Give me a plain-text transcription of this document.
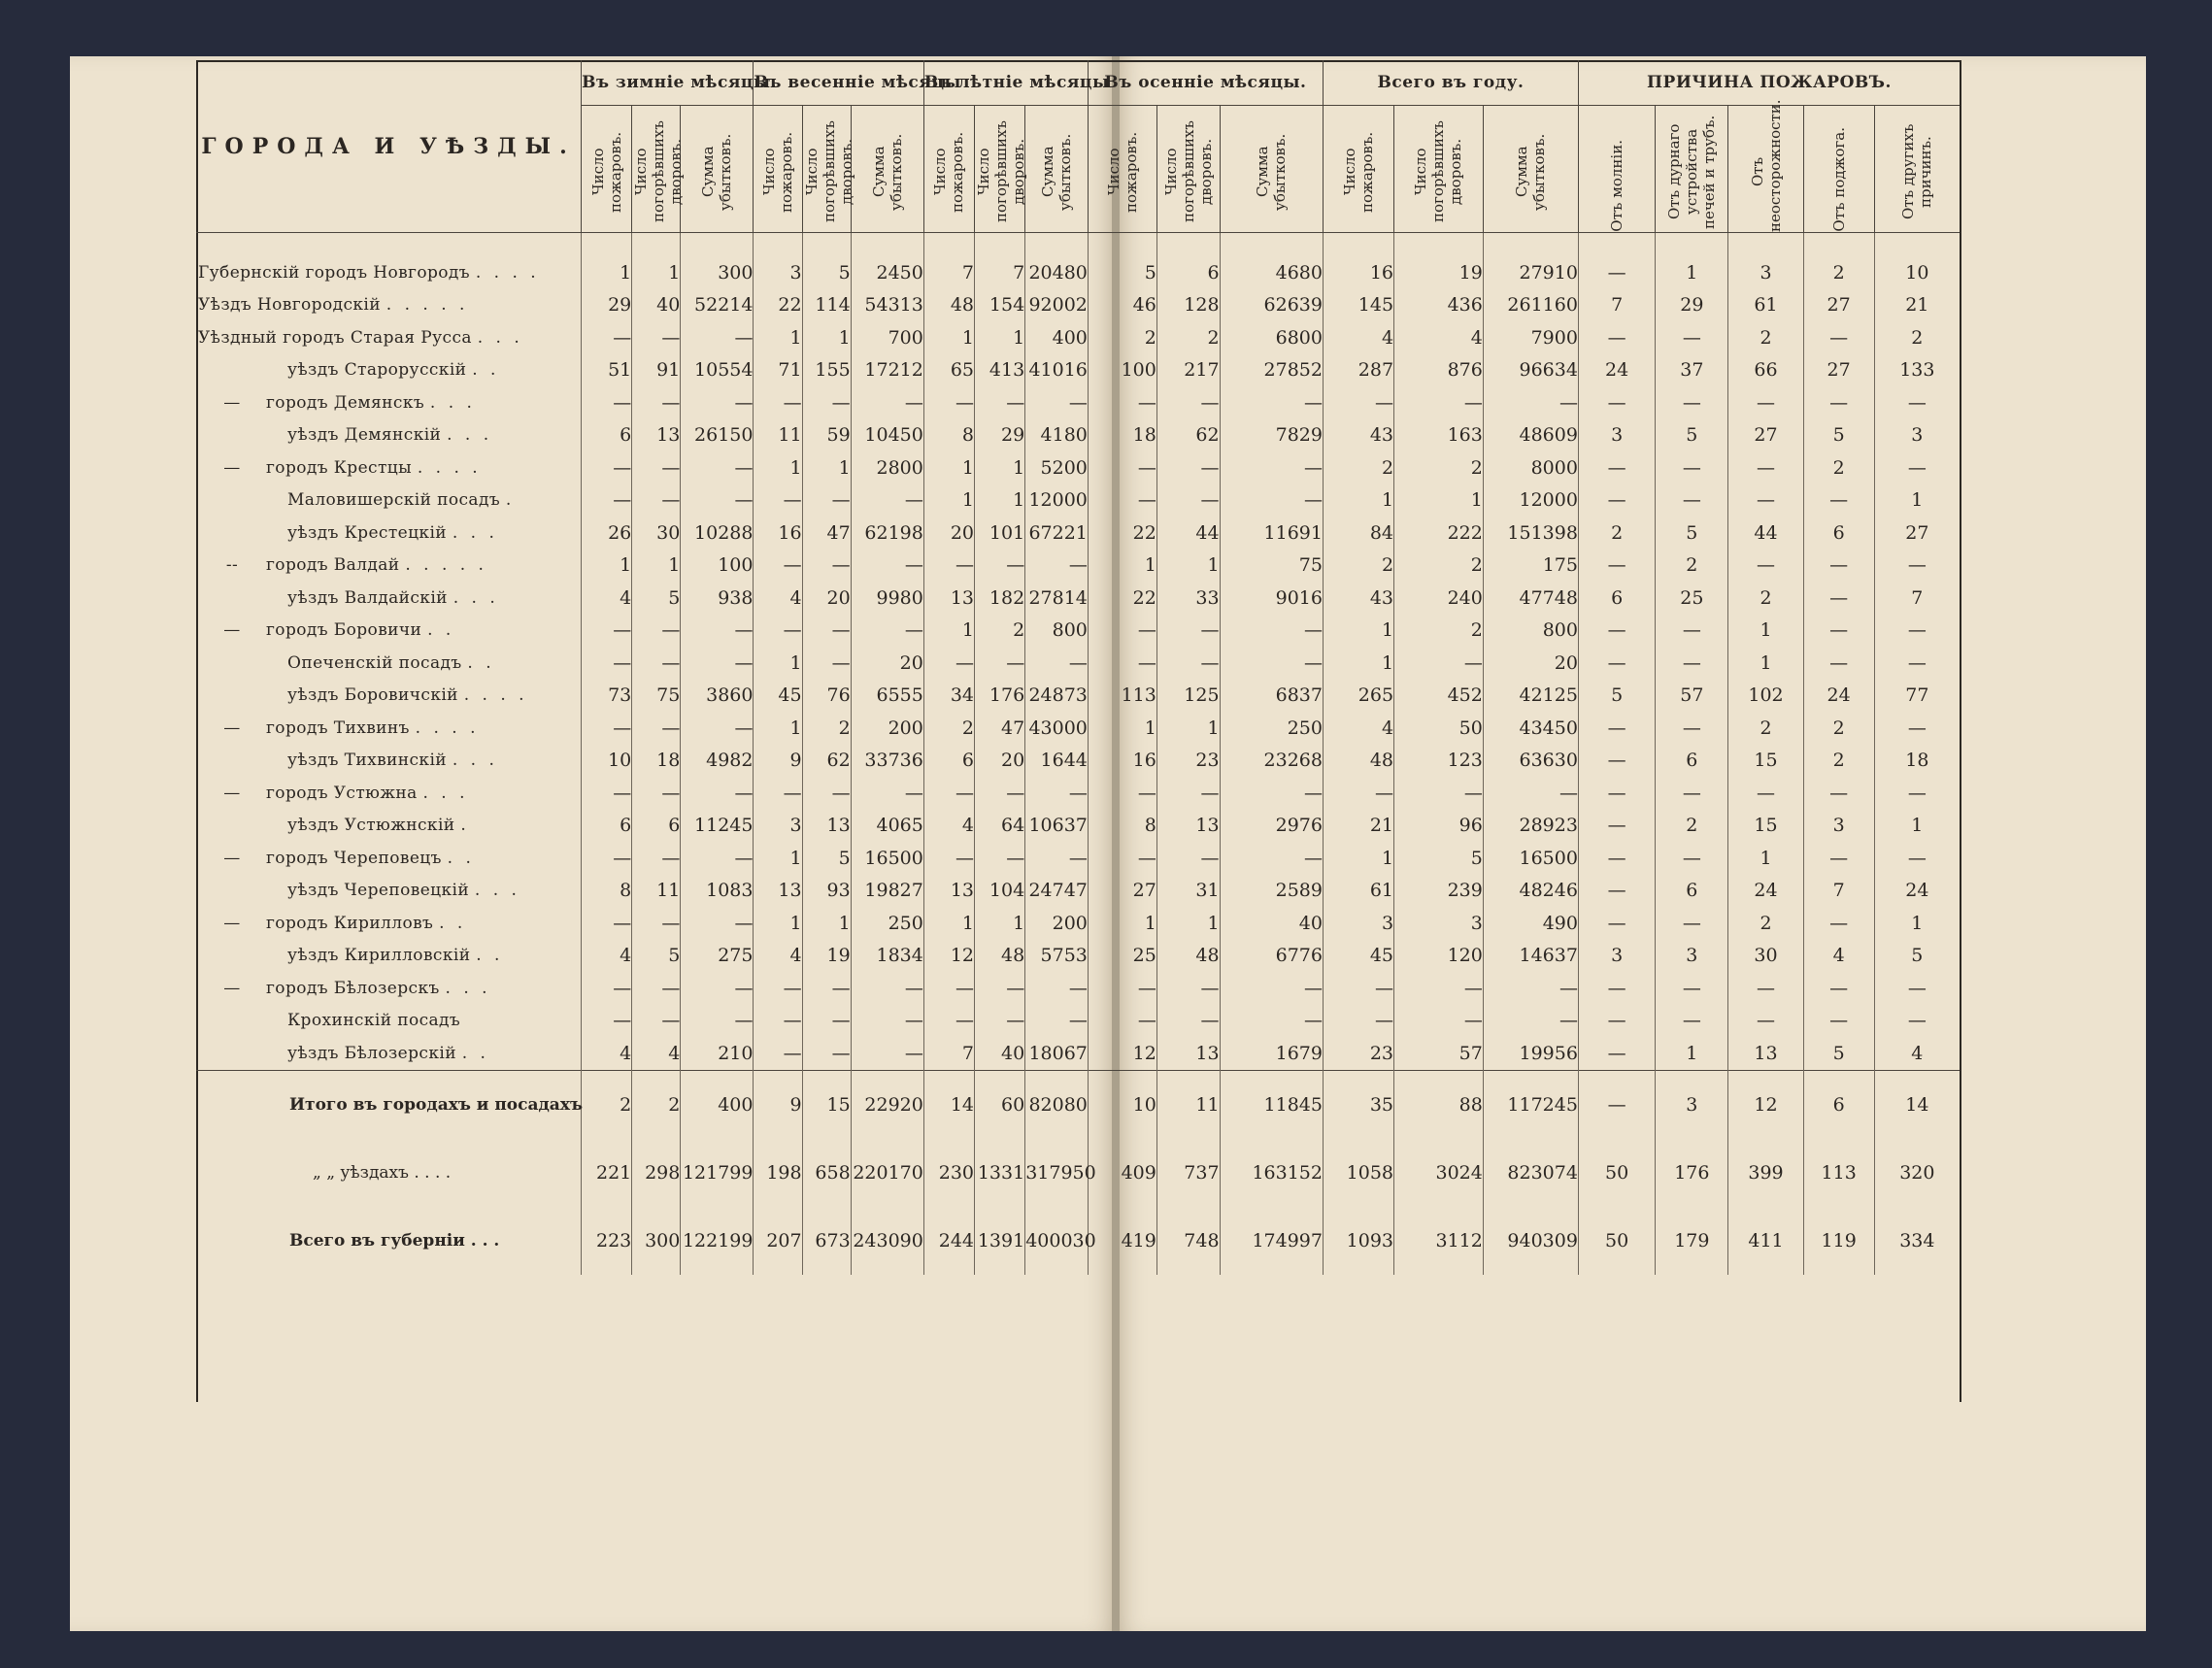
ГОРОДА И УѢЗДЫ.	Въ зимніе мѣсяцы.			Въ весенніе мѣсяцы			Въ лѣтніе мѣсяцы			Въ осенніе мѣсяцы.			Всего въ году.			ПРИЧИНА ПОЖАРОВЪ.				

	Число пожаровъ.	Число погорѣвшихъ дворовъ.	Сумма убытковъ.	Число пожаровъ.	Число погорѣвшихъ дворовъ.	Сумма убытковъ.	Число пожаровъ.	Число погорѣвшихъ дворовъ.	Сумма убытковъ.	Число пожаровъ.	Число погорѣвшихъ дворовъ.	Сумма убытковъ.	Число пожаровъ.	Число погорѣвшихъ дворовъ.	Сумма убытковъ.	Отъ молніи.	Отъ дурнаго устройства печей и трубъ.	Отъ неосторожности.	Отъ поджога.	Отъ другихъ причинъ.

Губернскій городъ Новгородъ . . . .	1	1	300	3	5	2450	7	7	20480	5	6	4680	16	19	27910	—	1	3	2	10
Уѣздъ Новгородскій . . . . .	29	40	52214	22	114	54313	48	154	92002	46	128	62639	145	436	261160	7	29	61	27	21
Уѣздный городъ Старая Русса . . .	—	—	—	1	1	700	1	1	400	2	2	6800	4	4	7900	—	—	2	—	2
уѣздъ Старорусскій . .	51	91	10554	71	155	17212	65	413	41016	100	217	27852	287	876	96634	24	37	66	27	133
— городъ Демянскъ . . .	—	—	—	—	—	—	—	—	—	—	—	—	—	—	—	—	—	—	—	—
уѣздъ Демянскій . . .	6	13	26150	11	59	10450	8	29	4180	18	62	7829	43	163	48609	3	5	27	5	3
— городъ Крестцы . . . .	—	—	—	1	1	2800	1	1	5200	—	—	—	2	2	8000	—	—	—	2	—
Маловишерскій посадъ .	—	—	—	—	—	—	1	1	12000	—	—	—	1	1	12000	—	—	—	—	1
уѣздъ Крестецкій . . .	26	30	10288	16	47	62198	20	101	67221	22	44	11691	84	222	151398	2	5	44	6	27
-- городъ Валдай . . . . .	1	1	100	—	—	—	—	—	—	1	1	75	2	2	175	—	2	—	—	—
уѣздъ Валдайскій . . .	4	5	938	4	20	9980	13	182	27814	22	33	9016	43	240	47748	6	25	2	—	7
— городъ Боровичи . .	—	—	—	—	—	—	1	2	800	—	—	—	1	2	800	—	—	1	—	—
Опеченскій посадъ . .	—	—	—	1	—	20	—	—	—	—	—	—	1	—	20	—	—	1	—	—
уѣздъ Боровичскій . . . .	73	75	3860	45	76	6555	34	176	24873	113	125	6837	265	452	42125	5	57	102	24	77
— городъ Тихвинъ . . . .	—	—	—	1	2	200	2	47	43000	1	1	250	4	50	43450	—	—	2	2	—
уѣздъ Тихвинскій . . .	10	18	4982	9	62	33736	6	20	1644	16	23	23268	48	123	63630	—	6	15	2	18
— городъ Устюжна . . .	—	—	—	—	—	—	—	—	—	—	—	—	—	—	—	—	—	—	—	—
уѣздъ Устюжнскій .	6	6	11245	3	13	4065	4	64	10637	8	13	2976	21	96	28923	—	2	15	3	1
— городъ Череповецъ . .	—	—	—	1	5	16500	—	—	—	—	—	—	1	5	16500	—	—	1	—	—
уѣздъ Череповецкій . . .	8	11	1083	13	93	19827	13	104	24747	27	31	2589	61	239	48246	—	6	24	7	24
— городъ Кирилловъ . .	—	—	—	1	1	250	1	1	200	1	1	40	3	3	490	—	—	2	—	1
уѣздъ Кирилловскій . .	4	5	275	4	19	1834	12	48	5753	25	48	6776	45	120	14637	3	3	30	4	5
— городъ Бѣлозерскъ . . .	—	—	—	—	—	—	—	—	—	—	—	—	—	—	—	—	—	—	—	—
Крохинскій посадъ	—	—	—	—	—	—	—	—	—	—	—	—	—	—	—	—	—	—	—	—
уѣздъ Бѣлозерскій . .	4	4	210	—	—	—	7	40	18067	12	13	1679	23	57	19956	—	1	13	5	4
Итого въ городахъ и посадахъ	2	2	400	9	15	22920	14	60	82080	10	11	11845	35	88	117245	—	3	12	6	14
„ „ уѣздахъ . . . .	221	298	121799	198	658	220170	230	1331	317950	409	737	163152	1058	3024	823074	50	176	399	113	320
Всего въ губерніи . . .	223	300	122199	207	673	243090	244	1391	400030	419	748	174997	1093	3112	940309	50	179	411	119	334
